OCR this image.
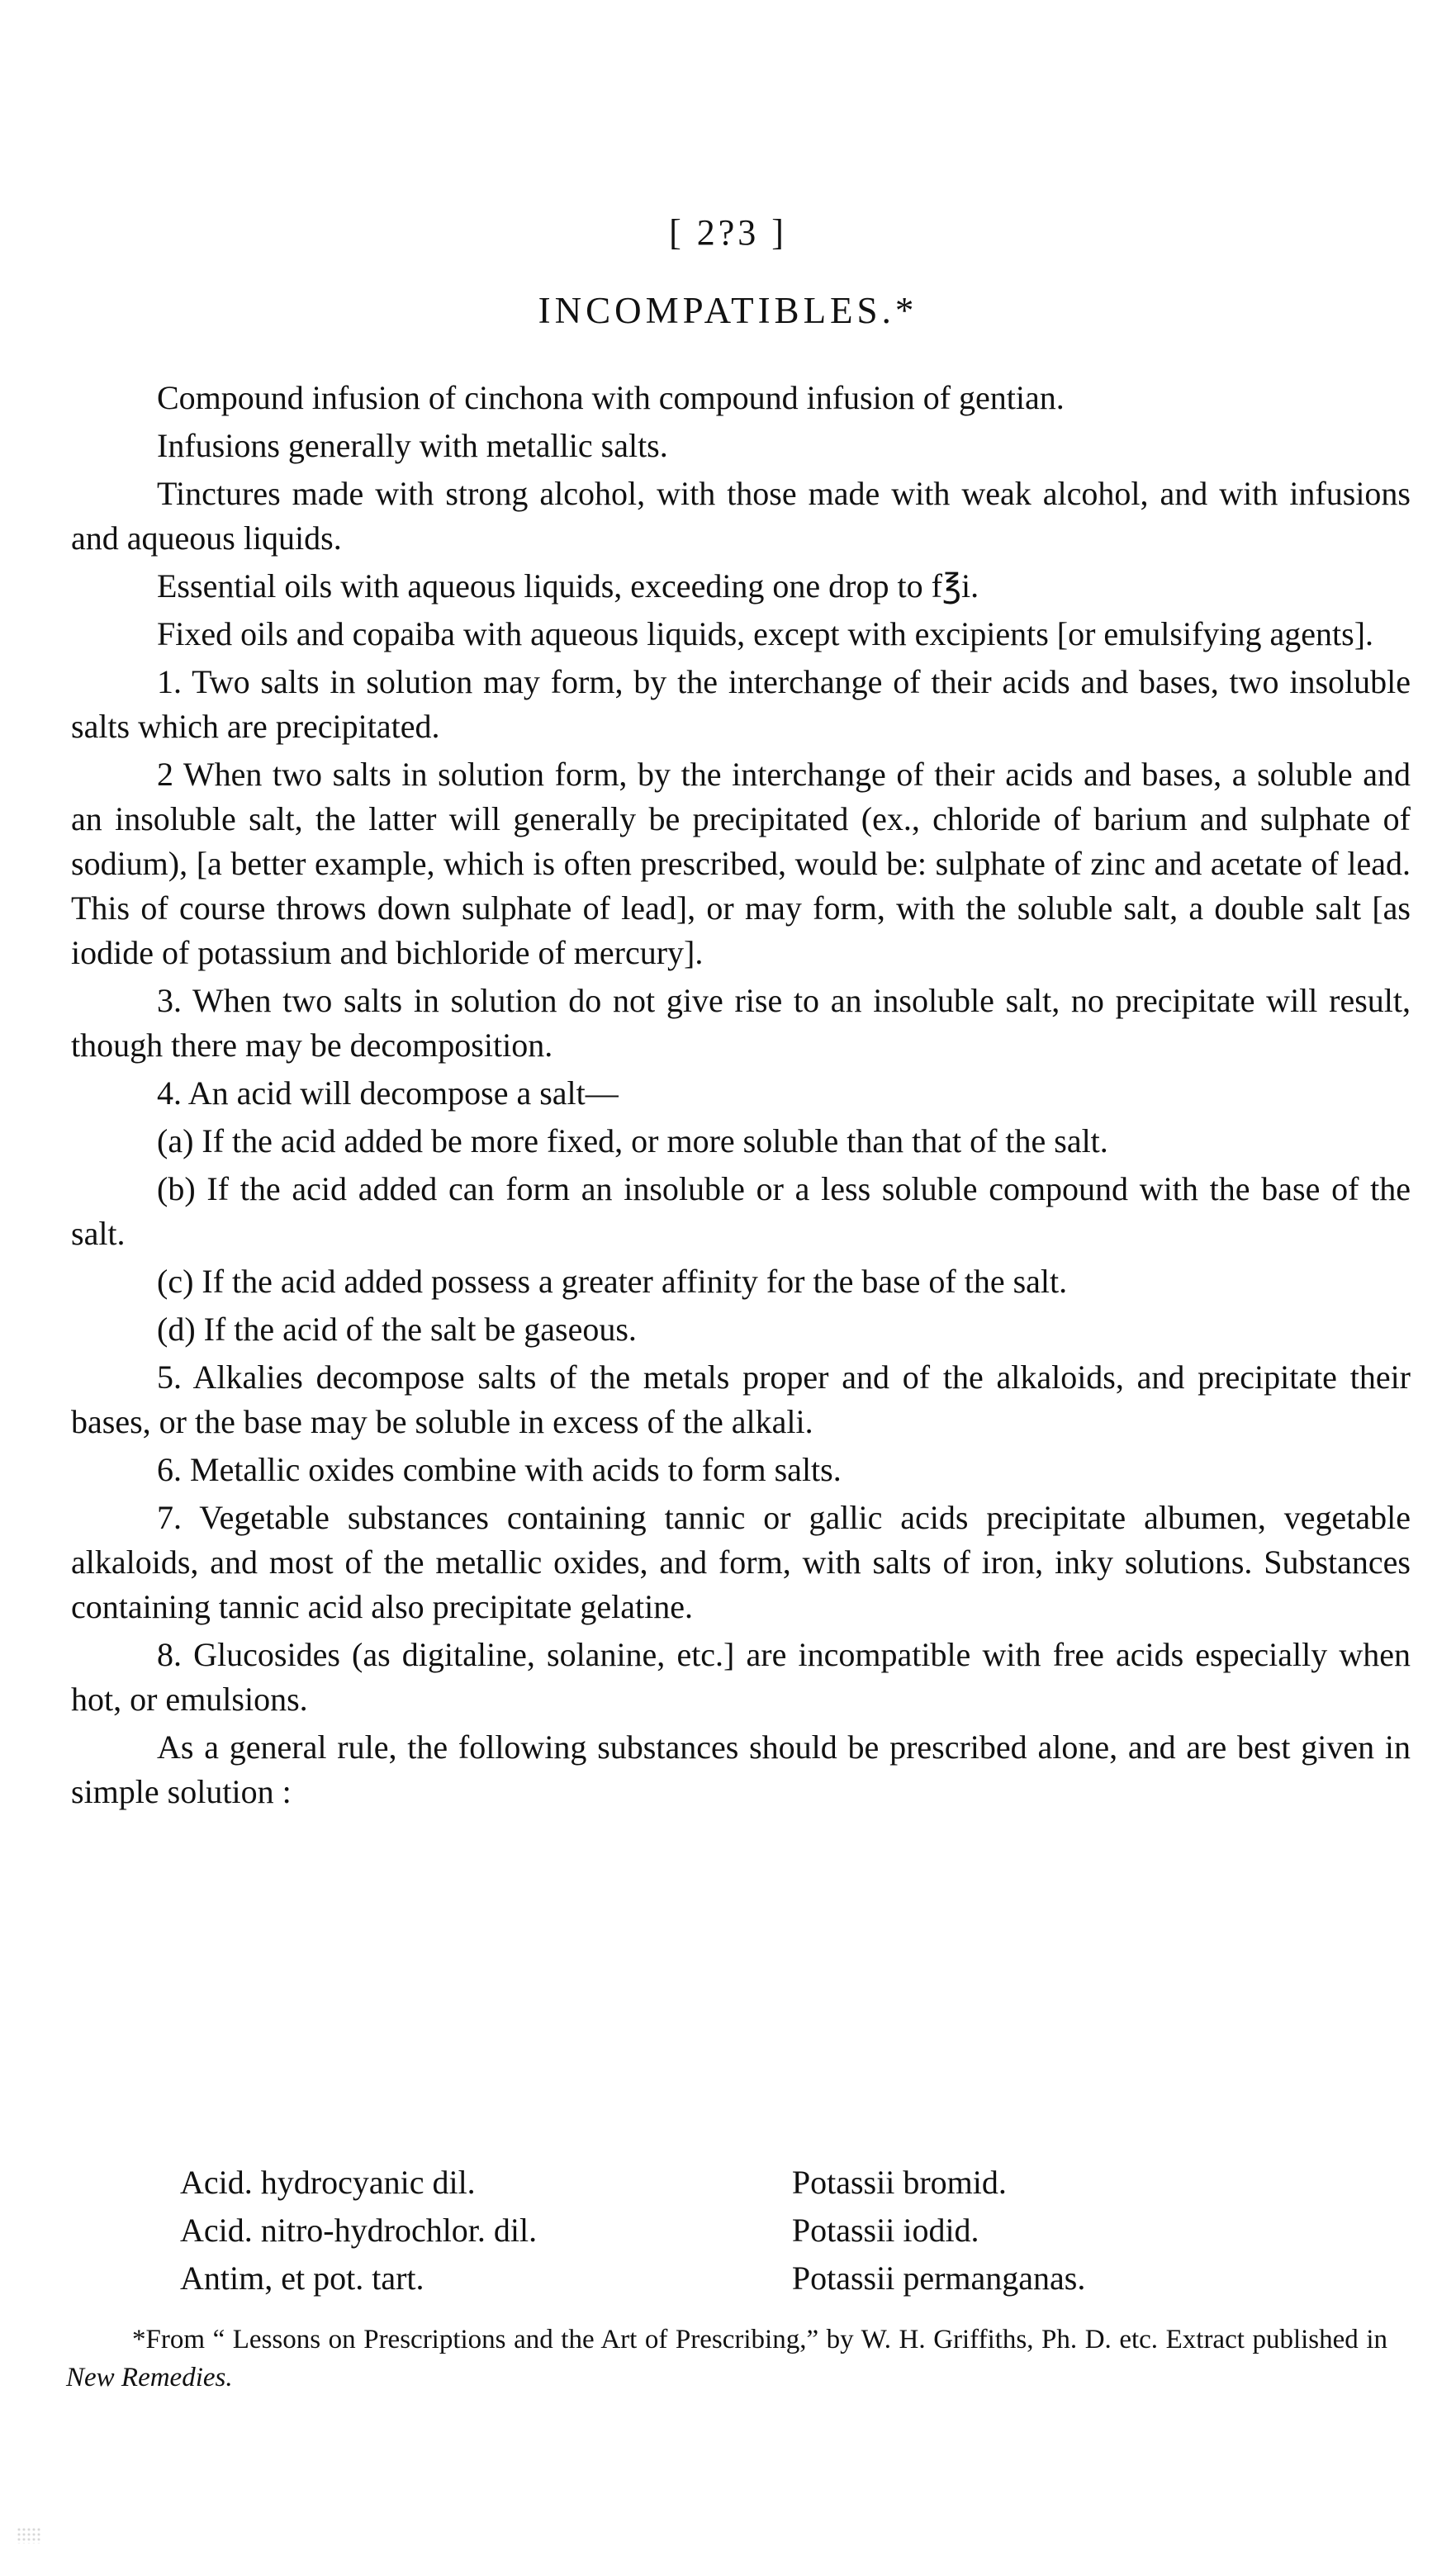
[ 2?3 ]
INCOMPATIBLES.*

Compound infusion of cinchona with compound infusion of gentian.

Infusions generally with metallic salts.

Tinctures made with strong alcohol, with those made with weak alcohol, and with infusions and aqueous liquids.

Essential oils with aqueous liquids, exceeding one drop to f℥i.

Fixed oils and copaiba with aqueous liquids, except with excipients [or emulsifying agents].

1. Two salts in solution may form, by the interchange of their acids and bases, two insoluble salts which are precipitated.

2 When two salts in solution form, by the interchange of their acids and bases, a soluble and an insoluble salt, the latter will generally be precipitated (ex., chloride of barium and sulphate of sodium), [a better example, which is often prescribed, would be: sulphate of zinc and acetate of lead. This of course throws down sulphate of lead], or may form, with the soluble salt, a double salt [as iodide of potassium and bichloride of mercury].

3. When two salts in solution do not give rise to an insoluble salt, no precipitate will result, though there may be decomposition.

4. An acid will decompose a salt—

(a) If the acid added be more fixed, or more soluble than that of the salt.

(b) If the acid added can form an insoluble or a less soluble compound with the base of the salt.

(c) If the acid added possess a greater affinity for the base of the salt.

(d) If the acid of the salt be gaseous.

5. Alkalies decompose salts of the metals proper and of the alkaloids, and precipitate their bases, or the base may be soluble in excess of the alkali.

6. Metallic oxides combine with acids to form salts.

7. Vegetable substances containing tannic or gallic acids precipitate albumen, vegetable alkaloids, and most of the metallic oxides, and form, with salts of iron, inky solutions. Substances containing tannic acid also precipitate gelatine.

8. Glucosides (as digitaline, solanine, etc.] are incompatible with free acids especially when hot, or emulsions.

As a general rule, the following substances should be prescribed alone, and are best given in simple solution :

Acid. hydrocyanic dil.	Potassii bromid.
Acid. nitro-hydrochlor. dil.	Potassii iodid.
Antim, et pot. tart.	Potassii permanganas.

*From “ Lessons on Prescriptions and the Art of Prescribing,” by W. H. Griffiths, Ph. D. etc. Extract published in New Remedies.
